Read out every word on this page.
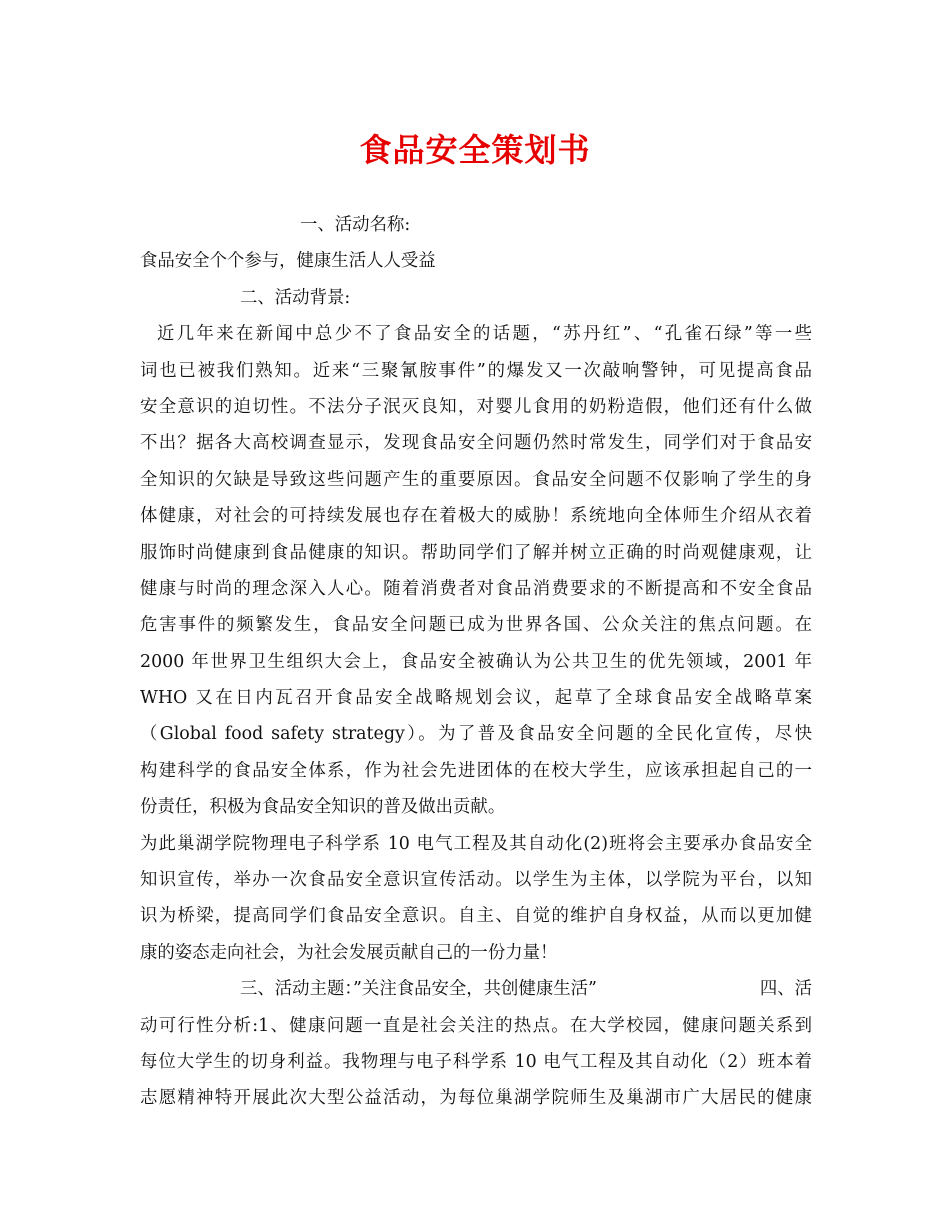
食品安全策划书
一、活动名称:
食品安全个个参与，健康生活人人受益
二、活动背景:
近几年来在新闻中总少不了食品安全的话题，“苏丹红”、“孔雀石绿”等一些
词也已被我们熟知。近来“三聚氰胺事件”的爆发又一次敲响警钟，可见提高食品
安全意识的迫切性。不法分子泯灭良知，对婴儿食用的奶粉造假，他们还有什么做
不出？据各大高校调查显示，发现食品安全问题仍然时常发生，同学们对于食品安
全知识的欠缺是导致这些问题产生的重要原因。食品安全问题不仅影响了学生的身
体健康，对社会的可持续发展也存在着极大的威胁！系统地向全体师生介绍从衣着
服饰时尚健康到食品健康的知识。帮助同学们了解并树立正确的时尚观健康观，让
健康与时尚的理念深入人心。随着消费者对食品消费要求的不断提高和不安全食品
危害事件的频繁发生，食品安全问题已成为世界各国、公众关注的焦点问题。在
2000 年世界卫生组织大会上，食品安全被确认为公共卫生的优先领域，2001 年
WHO 又在日内瓦召开食品安全战略规划会议，起草了全球食品安全战略草案
（Global food safety strategy）。为了普及食品安全问题的全民化宣传，尽快
构建科学的食品安全体系，作为社会先进团体的在校大学生，应该承担起自己的一
份责任，积极为食品安全知识的普及做出贡献。
为此巢湖学院物理电子科学系 10 电气工程及其自动化(2)班将会主要承办食品安全
知识宣传，举办一次食品安全意识宣传活动。以学生为主体，以学院为平台，以知
识为桥梁，提高同学们食品安全意识。自主、自觉的维护自身权益，从而以更加健
康的姿态走向社会，为社会发展贡献自己的一份力量！
三、活动主题：”关注食品安全，共创健康生活”	四、活
动可行性分析:1、健康问题一直是社会关注的热点。在大学校园，健康问题关系到
每位大学生的切身利益。我物理与电子科学系 10 电气工程及其自动化（2）班本着
志愿精神特开展此次大型公益活动，为每位巢湖学院师生及巢湖市广大居民的健康
